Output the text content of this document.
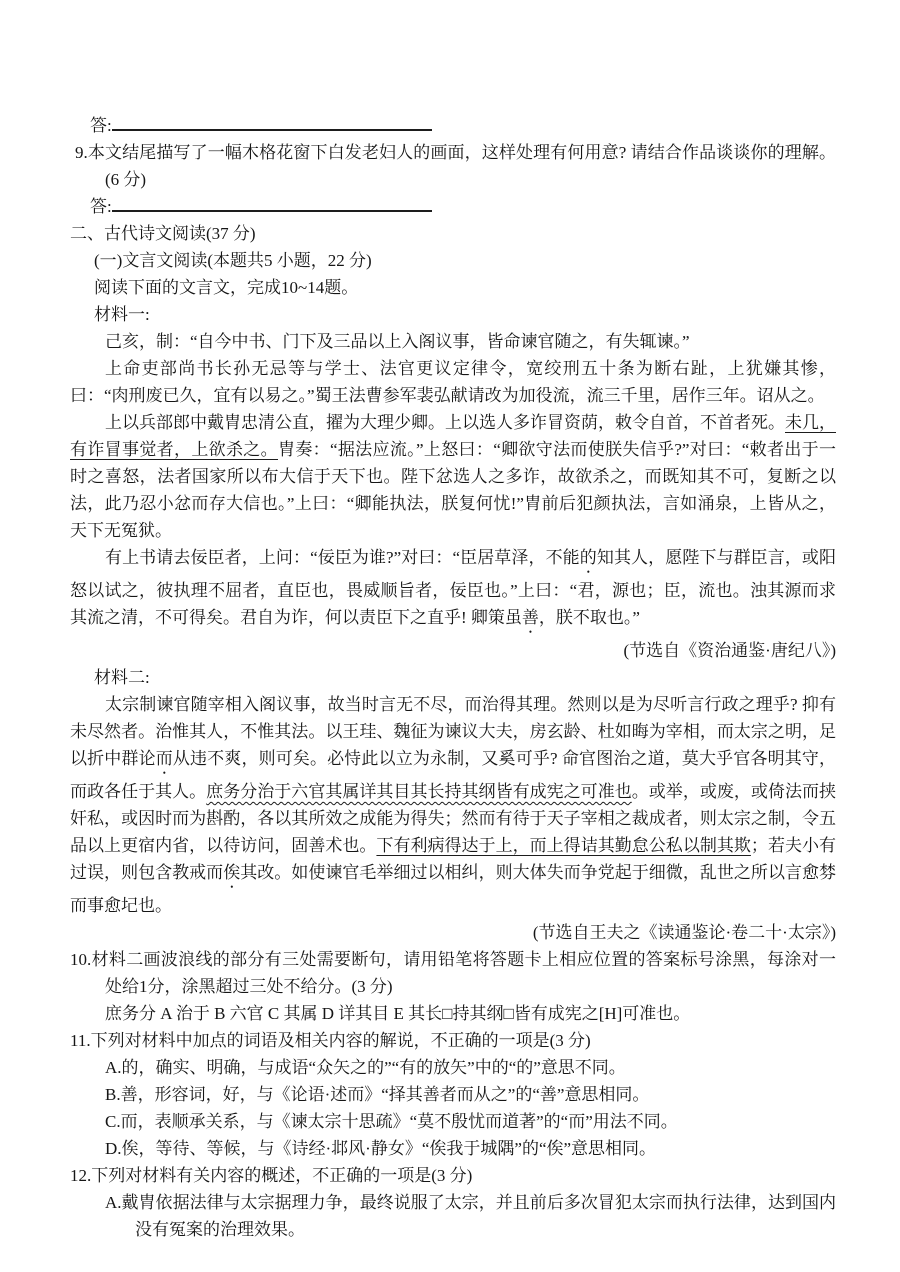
答:
9.本文结尾描写了一幅木格花窗下白发老妇人的画面，这样处理有何用意? 请结合作品谈谈你的理解。(6 分)
答:
二、古代诗文阅读(37 分)
(一)文言文阅读(本题共5 小题，22 分)
阅读下面的文言文，完成10~14题。
材料一:

己亥，制：“自今中书、门下及三品以上入阁议事，皆命谏官随之，有失辄谏。”

上命吏部尚书长孙无忌等与学士、法官更议定律令，宽绞刑五十条为断右趾，上犹嫌其惨，曰：“肉刑废已久，宜有以易之。”蜀王法曹参军裴弘献请改为加役流，流三千里，居作三年。诏从之。

上以兵部郎中戴胄忠清公直，擢为大理少卿。上以选人多诈冒资荫，敕令自首，不首者死。未几，有诈冒事觉者，上欲杀之。胄奏：“据法应流。”上怒曰：“卿欲守法而使朕失信乎?”对曰：“敕者出于一时之喜怒，法者国家所以布大信于天下也。陛下忿选人之多诈，故欲杀之，而既知其不可，复断之以法，此乃忍小忿而存大信也。”上曰：“卿能执法，朕复何忧!”胄前后犯颜执法，言如涌泉，上皆从之，天下无冤狱。

有上书请去佞臣者，上问：“佞臣为谁?”对曰：“臣居草泽，不能的知其人，愿陛下与群臣言，或阳怒以试之，彼执理不屈者，直臣也，畏威顺旨者，佞臣也。”上曰：“君，源也；臣，流也。浊其源而求其流之清，不可得矣。君自为诈，何以责臣下之直乎! 卿策虽善，朕不取也。”

(节选自《资治通鉴·唐纪八》)
材料二:

太宗制谏官随宰相入阁议事，故当时言无不尽，而治得其理。然则以是为尽听言行政之理乎? 抑有未尽然者。治惟其人，不惟其法。以王珪、魏征为谏议大夫，房玄龄、杜如晦为宰相，而太宗之明，足以折中群论而从违不爽，则可矣。必恃此以立为永制，又奚可乎? 命官图治之道，莫大乎官各明其守，而政各任于其人。庶务分治于六官其属详其目其长持其纲皆有成宪之可准也。或举，或废，或倚法而挟奸私，或因时而为斟酌，各以其所效之成能为得失；然而有待于天子宰相之裁成者，则太宗之制，令五品以上更宿内省，以待访问，固善术也。下有利病得达于上，而上得诘其勤怠公私以制其欺；若夫小有过误，则包含教戒而俟其改。如使谏官毛举细过以相纠，则大体失而争党起于细微，乱世之所以言愈棼而事愈圮也。

(节选自王夫之《读通鉴论·卷二十·太宗》)
10.材料二画波浪线的部分有三处需要断句，请用铅笔将答题卡上相应位置的答案标号涂黑，每涂对一处给1分，涂黑超过三处不给分。(3 分)
庶务分 A 治于 B 六官 C 其属 D 详其目 E 其长□持其纲□皆有成宪之[H]可准也。
11.下列对材料中加点的词语及相关内容的解说，不正确的一项是(3 分)
A.的，确实、明确，与成语“众矢之的”“有的放矢”中的“的”意思不同。
B.善，形容词，好，与《论语·述而》“择其善者而从之”的“善”意思相同。
C.而，表顺承关系，与《谏太宗十思疏》“莫不殷忧而道著”的“而”用法不同。
D.俟，等待、等候，与《诗经·邶风·静女》“俟我于城隅”的“俟”意思相同。
12.下列对材料有关内容的概述，不正确的一项是(3 分)
A.戴胄依据法律与太宗据理力争，最终说服了太宗，并且前后多次冒犯太宗而执行法律，达到国内没有冤案的治理效果。
